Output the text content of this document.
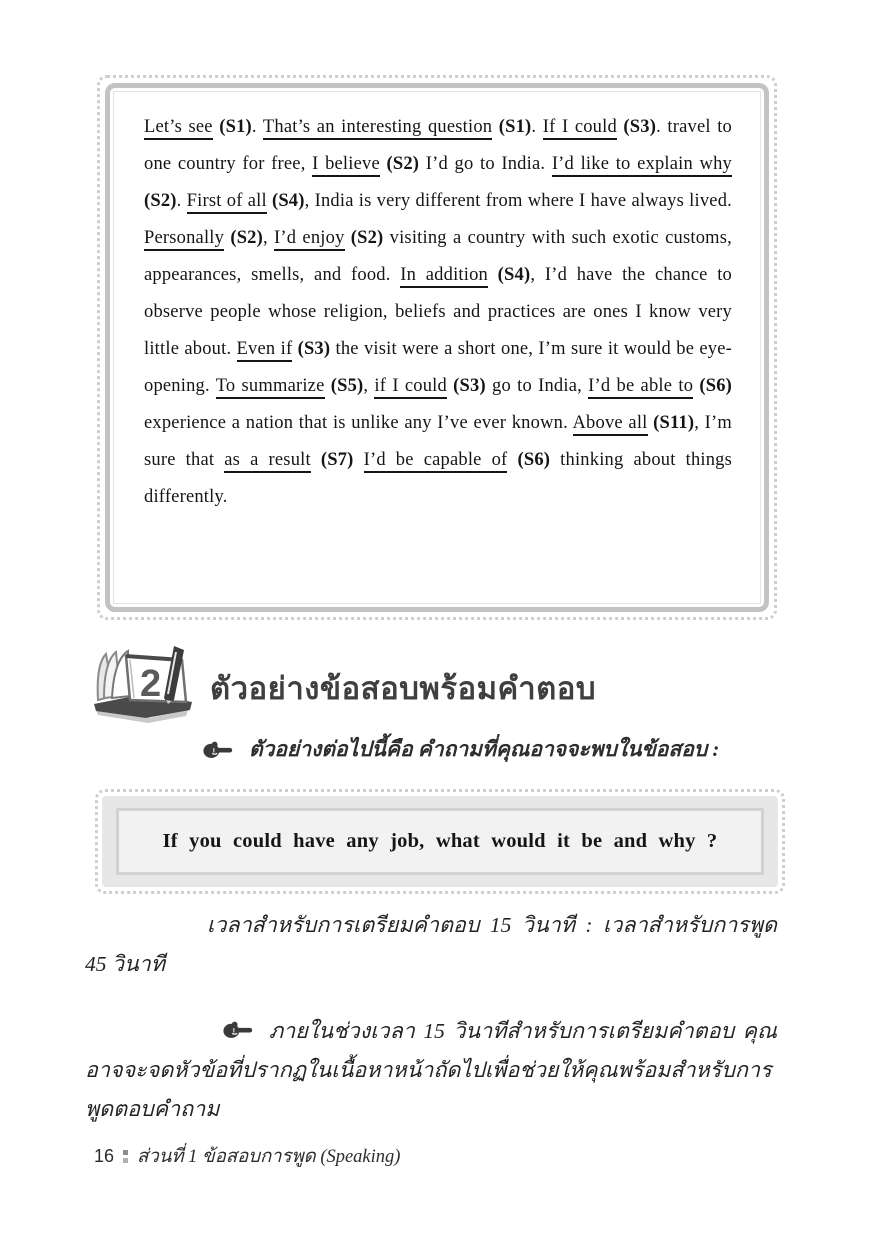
Let’s see (S1). That’s an interesting question (S1). If I could (S3). travel to one country for free, I believe (S2) I’d go to India. I’d like to explain why (S2). First of all (S4), India is very different from where I have always lived. Personally (S2), I’d enjoy (S2) visiting a country with such exotic customs, appearances, smells, and food. In addition (S4), I’d have the chance to observe people whose religion, beliefs and practices are ones I know very little about. Even if (S3) the visit were a short one, I’m sure it would be eye-opening. To summarize (S5), if I could (S3) go to India, I’d be able to (S6) experience a nation that is unlike any I’ve ever known. Above all (S11), I’m sure that as a result (S7) I’d be capable of (S6) thinking about things differently.

2 ตัวอย่างข้อสอบพร้อมคำตอบ
ตัวอย่างต่อไปนี้คือ คำถามที่คุณอาจจะพบในข้อสอบ :
If you could have any job, what would it be and why ?

เวลาสำหรับการเตรียมคำตอบ 15 วินาที : เวลาสำหรับการพูด 45 วินาที

ภายในช่วงเวลา 15 วินาทีสำหรับการเตรียมคำตอบ คุณอาจจะจดหัวข้อที่ปรากฏในเนื้อหาหน้าถัดไปเพื่อช่วยให้คุณพร้อมสำหรับการพูดตอบคำถาม

16 ส่วนที่ 1 ข้อสอบการพูด (Speaking)
